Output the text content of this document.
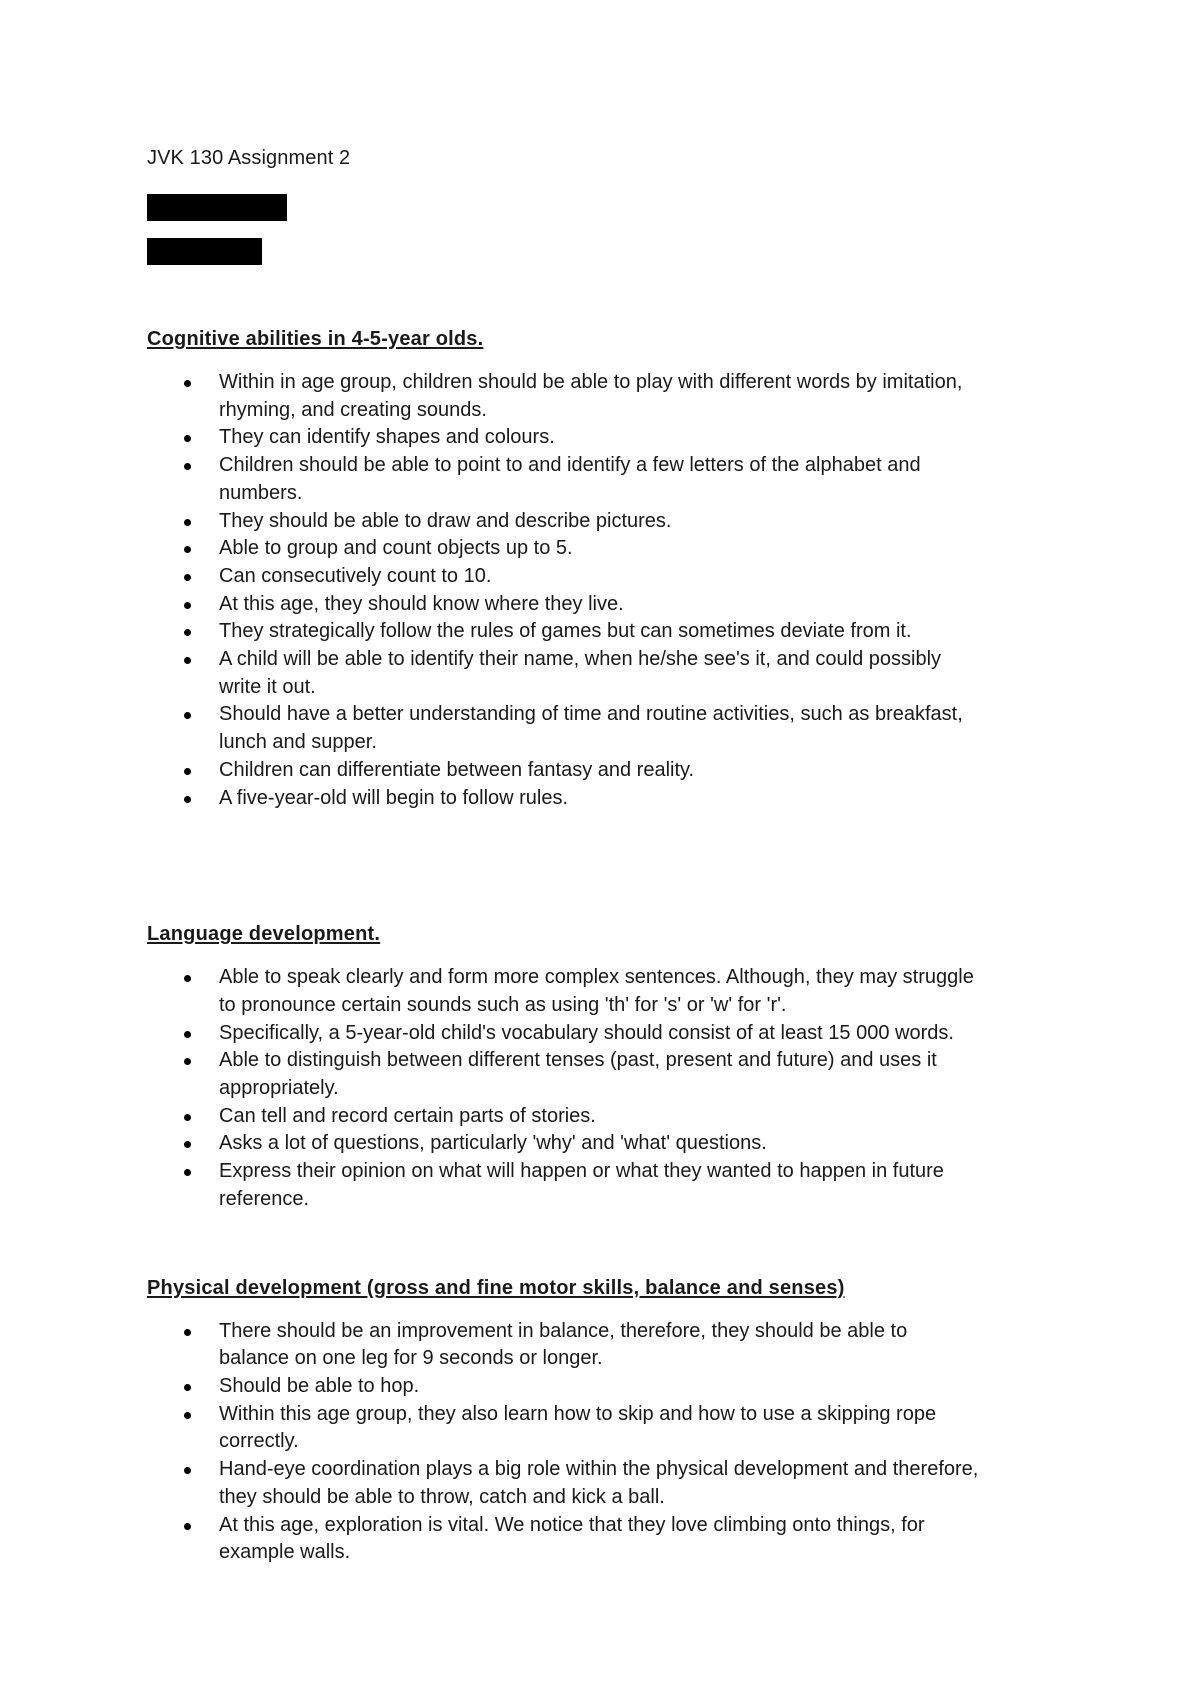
JVK 130 Assignment 2

Cognitive abilities in 4-5-year olds.

Within in age group, children should be able to play with different words by imitation, rhyming, and creating sounds.
They can identify shapes and colours.
Children should be able to point to and identify a few letters of the alphabet and numbers.
They should be able to draw and describe pictures.
Able to group and count objects up to 5.
Can consecutively count to 10.
At this age, they should know where they live.
They strategically follow the rules of games but can sometimes deviate from it.
A child will be able to identify their name, when he/she see's it, and could possibly write it out.
Should have a better understanding of time and routine activities, such as breakfast, lunch and supper.
Children can differentiate between fantasy and reality.
A five-year-old will begin to follow rules.

Language development.

Able to speak clearly and form more complex sentences. Although, they may struggle to pronounce certain sounds such as using 'th' for 's' or 'w' for 'r'.
Specifically, a 5-year-old child's vocabulary should consist of at least 15 000 words.
Able to distinguish between different tenses (past, present and future) and uses it appropriately.
Can tell and record certain parts of stories.
Asks a lot of questions, particularly 'why' and 'what' questions.
Express their opinion on what will happen or what they wanted to happen in future reference.

Physical development (gross and fine motor skills, balance and senses)

There should be an improvement in balance, therefore, they should be able to balance on one leg for 9 seconds or longer.
Should be able to hop.
Within this age group, they also learn how to skip and how to use a skipping rope correctly.
Hand-eye coordination plays a big role within the physical development and therefore, they should be able to throw, catch and kick a ball.
At this age, exploration is vital. We notice that they love climbing onto things, for example walls.
